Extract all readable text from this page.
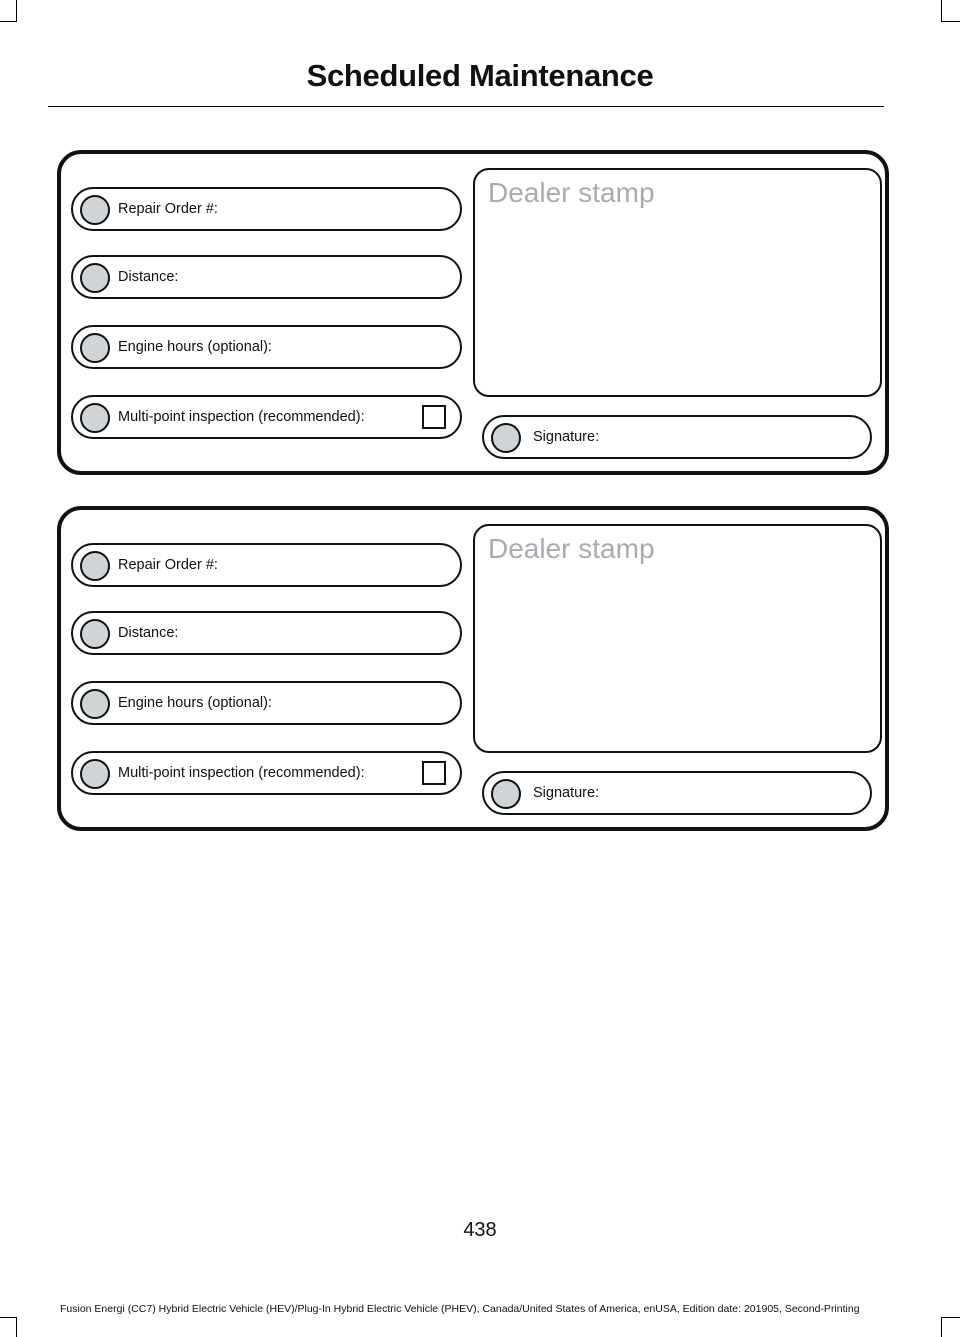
Scheduled Maintenance
Repair Order #:
Distance:
Engine hours (optional):
Multi-point inspection (recommended):
Dealer stamp
Signature:
Repair Order #:
Distance:
Engine hours (optional):
Multi-point inspection (recommended):
Dealer stamp
Signature:
438
Fusion Energi (CC7) Hybrid Electric Vehicle (HEV)/Plug-In Hybrid Electric Vehicle (PHEV), Canada/United States of America, enUSA, Edition date: 201905, Second-Printing
